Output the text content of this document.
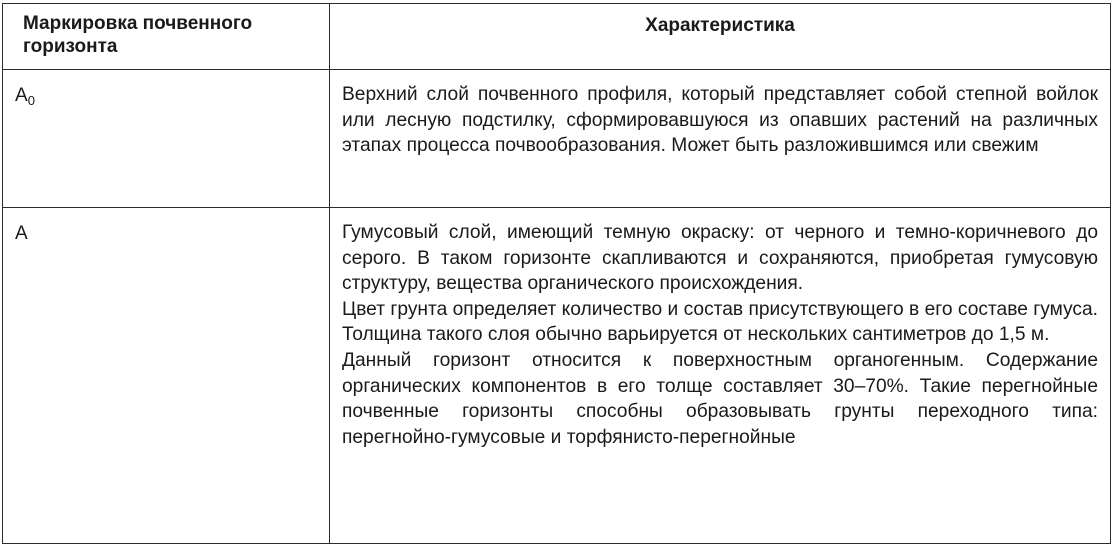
Маркировка почвенного горизонта	Характеристика

$A_0$	Верхний слой почвенного профиля, который представляет собой степной войлок или лесную подстилку, сформировавшуюся из опавших растений на различных этапах процесса почвообразования. Может быть разложившимся или свежим

A	Гумусовый слой, имеющий темную окраску: от черного и темно-коричневого до серого. В таком горизонте скапливаются и сохраняются, приобретая гумусовую структуру, вещества органического происхождения.

Цвет грунта определяет количество и состав присутствующего в его составе гумуса. Толщина такого слоя обычно варьируется от нескольких сантиметров до 1,5 м.

Данный горизонт относится к поверхностным органогенным. Содержание органических компонентов в его толще составляет 30–70%. Такие перегнойные почвенные горизонты способны образовывать грунты переходного типа: перегнойно-гумусовые и торфянисто-перегнойные
